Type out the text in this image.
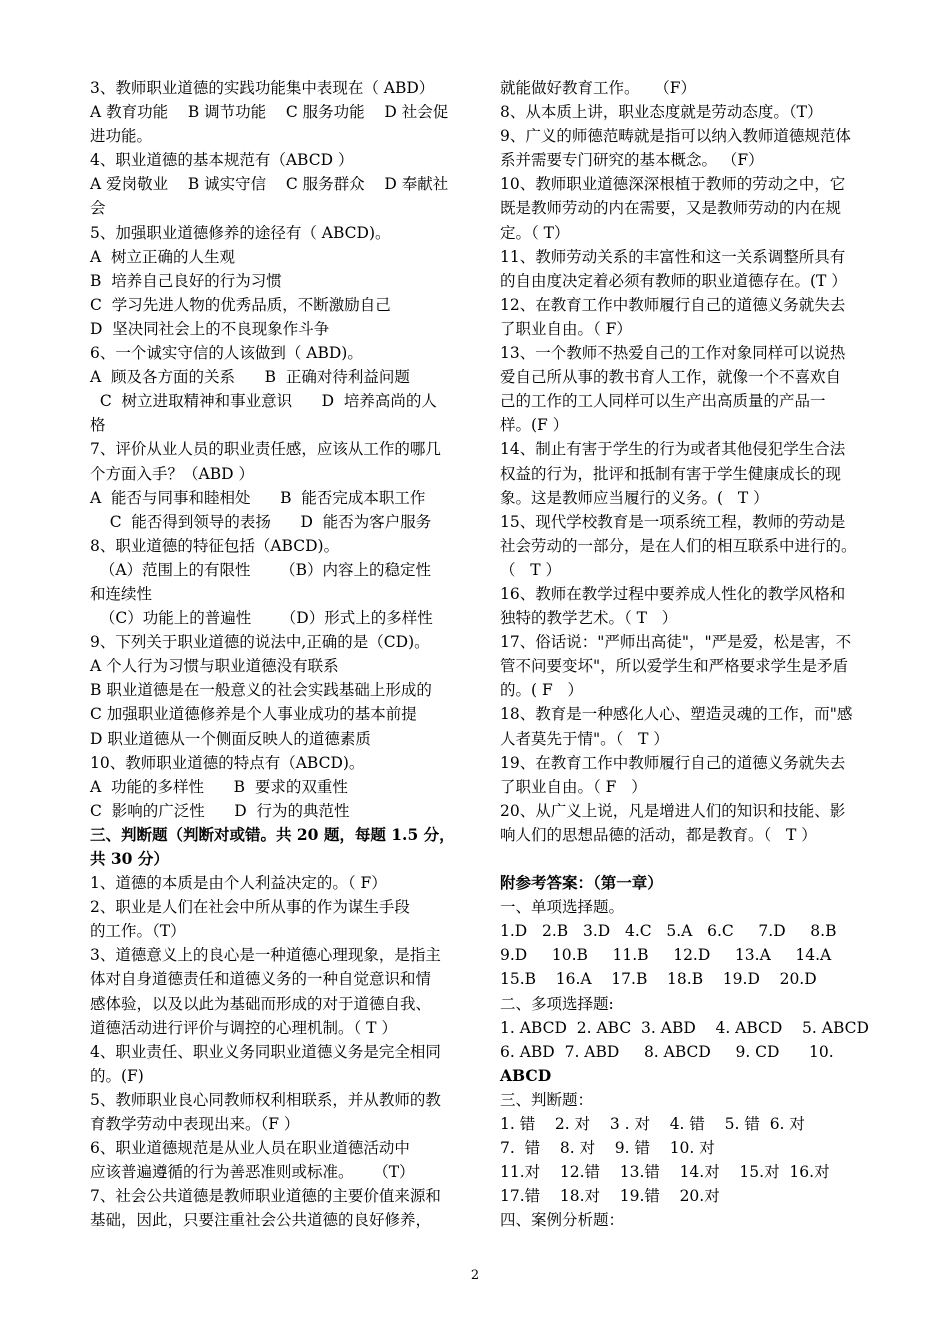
3、教师职业道德的实践功能集中表现在（ ABD）
A 教育功能    B 调节功能    C 服务功能    D 社会促
进功能。
4、职业道德的基本规范有（ABCD ）
A 爱岗敬业    B 诚实守信    C 服务群众    D 奉献社
会
5、加强职业道德修养的途径有（ ABCD)。
A  树立正确的人生观
B  培养自己良好的行为习惯
C  学习先进人物的优秀品质，不断激励自己
D  坚决同社会上的不良现象作斗争
6、一个诚实守信的人该做到（ ABD)。
A  顾及各方面的关系      B  正确对待利益问题
C  树立进取精神和事业意识      D  培养高尚的人
格
7、评价从业人员的职业责任感，应该从工作的哪几
个方面入手？（ABD ）
A  能否与同事和睦相处      B  能否完成本职工作
C  能否得到领导的表扬      D  能否为客户服务
8、职业道德的特征包括（ABCD)。
（A）范围上的有限性      （B）内容上的稳定性
和连续性
（C）功能上的普遍性      （D）形式上的多样性
9、下列关于职业道德的说法中,正确的是（CD)。
A 个人行为习惯与职业道德没有联系
B 职业道德是在一般意义的社会实践基础上形成的
C 加强职业道德修养是个人事业成功的基本前提
D 职业道德从一个侧面反映人的道德素质
10、教师职业道德的特点有（ABCD)。
A  功能的多样性      B  要求的双重性
C  影响的广泛性      D  行为的典范性
三、判断题（判断对或错。共 20 题，每题 1.5 分，
共 30 分）
1、道德的本质是由个人利益决定的。（ F）
2、职业是人们在社会中所从事的作为谋生手段
的工作。（T）
3、道德意义上的良心是一种道德心理现象，是指主
体对自身道德责任和道德义务的一种自觉意识和情
感体验，以及以此为基础而形成的对于道德自我、
道德活动进行评价与调控的心理机制。（ T ）
4、职业责任、职业义务同职业道德义务是完全相同
的。(F)
5、教师职业良心同教师权利相联系，并从教师的教
育教学劳动中表现出来。（F ）
6、职业道德规范是从业人员在职业道德活动中
应该普遍遵循的行为善恶准则或标准。    （T）
7、社会公共道德是教师职业道德的主要价值来源和
基础，因此，只要注重社会公共道德的良好修养，
就能做好教育工作。   （F）
8、从本质上讲，职业态度就是劳动态度。（T）
9、广义的师德范畴就是指可以纳入教师道德规范体
系并需要专门研究的基本概念。 （F）
10、教师职业道德深深根植于教师的劳动之中，它
既是教师劳动的内在需要，又是教师劳动的内在规
定。（ T）
11、教师劳动关系的丰富性和这一关系调整所具有
的自由度决定着必须有教师的职业道德存在。(T ）
12、在教育工作中教师履行自己的道德义务就失去
了职业自由。（ F）
13、一个教师不热爱自己的工作对象同样可以说热
爱自己所从事的教书育人工作，就像一个不喜欢自
己的工作的工人同样可以生产出高质量的产品一
样。(F ）
14、制止有害于学生的行为或者其他侵犯学生合法
权益的行为，批评和抵制有害于学生健康成长的现
象。这是教师应当履行的义务。(   T ）
15、现代学校教育是一项系统工程，教师的劳动是
社会劳动的一部分，是在人们的相互联系中进行的。
（   T ）
16、教师在教学过程中要养成人性化的教学风格和
独特的教学艺术。（ T   ）
17、俗话说："严师出高徒"，"严是爱，松是害，不
管不问要变坏"，所以爱学生和严格要求学生是矛盾
的。( F   ）
18、教育是一种感化人心、塑造灵魂的工作，而"感
人者莫先于情"。（   T ）
19、在教育工作中教师履行自己的道德义务就失去
了职业自由。（ F   ）
20、从广义上说，凡是增进人们的知识和技能、影
响人们的思想品德的活动，都是教育。（   T ）
附参考答案：（第一章）
一、单项选择题。
1.D   2.B   3.D   4.C   5.A   6.C     7.D     8.B
9.D     10.B     11.B     12.D     13.A     14.A
15.B    16.A    17.B    18.B    19.D    20.D
二、多项选择题:
1. ABCD  2. ABC  3. ABD    4. ABCD    5. ABCD
6. ABD  7. ABD     8. ABCD     9. CD      10.
ABCD
三、判断题：
1. 错    2. 对    3 . 对    4. 错    5. 错  6. 对
7.  错    8. 对    9. 错    10. 对
11.对    12.错    13.错    14.对    15.对  16.对
17.错    18.对    19.错    20.对
四、案例分析题：
2
